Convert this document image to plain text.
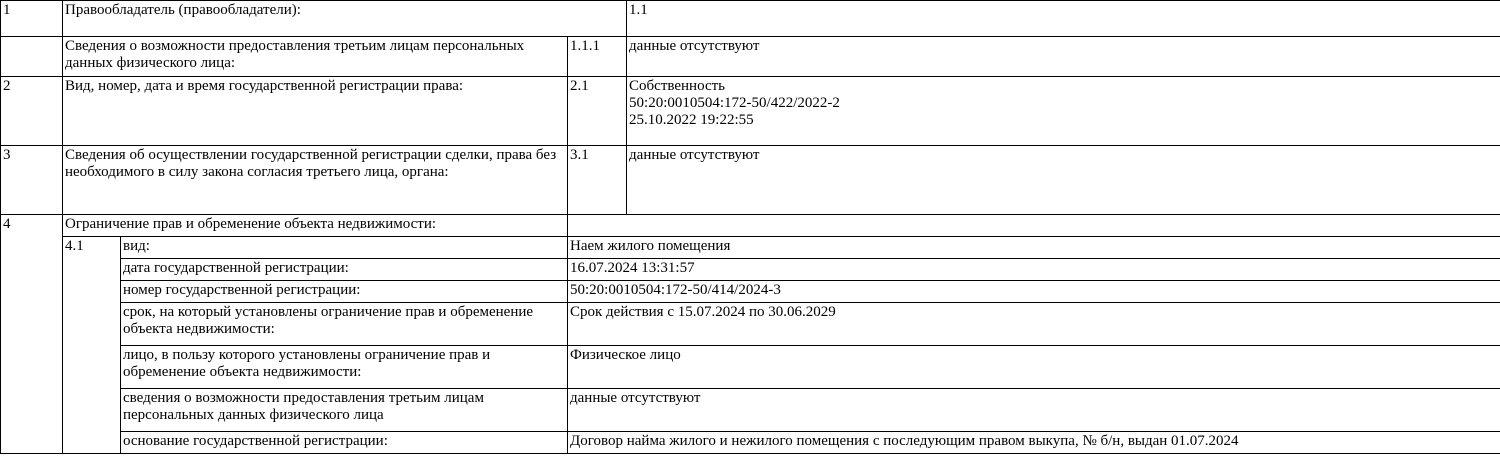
1	Правообладатель (правообладатели):			1.1	
	Сведения о возможности предоставления третьим лицам персональных данных физического лица:		1.1.1	данные отсутствуют	
2	Вид, номер, дата и время государственной регистрации права:		2.1	Собственность
50:20:0010504:172-50/422/2022-2
25.10.2022 19:22:55	
3	Сведения об осуществлении государственной регистрации сделки, права без необходимого в силу закона согласия третьего лица, органа:		3.1	данные отсутствуют	
4	Ограничение прав и обременение объекта недвижимости:				
	4.1	вид:	Наем жилого помещения		
		дата государственной регистрации:	16.07.2024 13:31:57		
		номер государственной регистрации:	50:20:0010504:172-50/414/2024-3		
		срок, на который установлены ограничение прав и обременение объекта недвижимости:	Срок действия с 15.07.2024 по 30.06.2029		
		лицо, в пользу которого установлены ограничение прав и обременение объекта недвижимости:	Физическое лицо		
		сведения о возможности предоставления третьим лицам персональных данных физического лица	данные отсутствуют		
		основание государственной регистрации:	Договор найма жилого и нежилого помещения с последующим правом выкупа, № б/н, выдан 01.07.2024		
